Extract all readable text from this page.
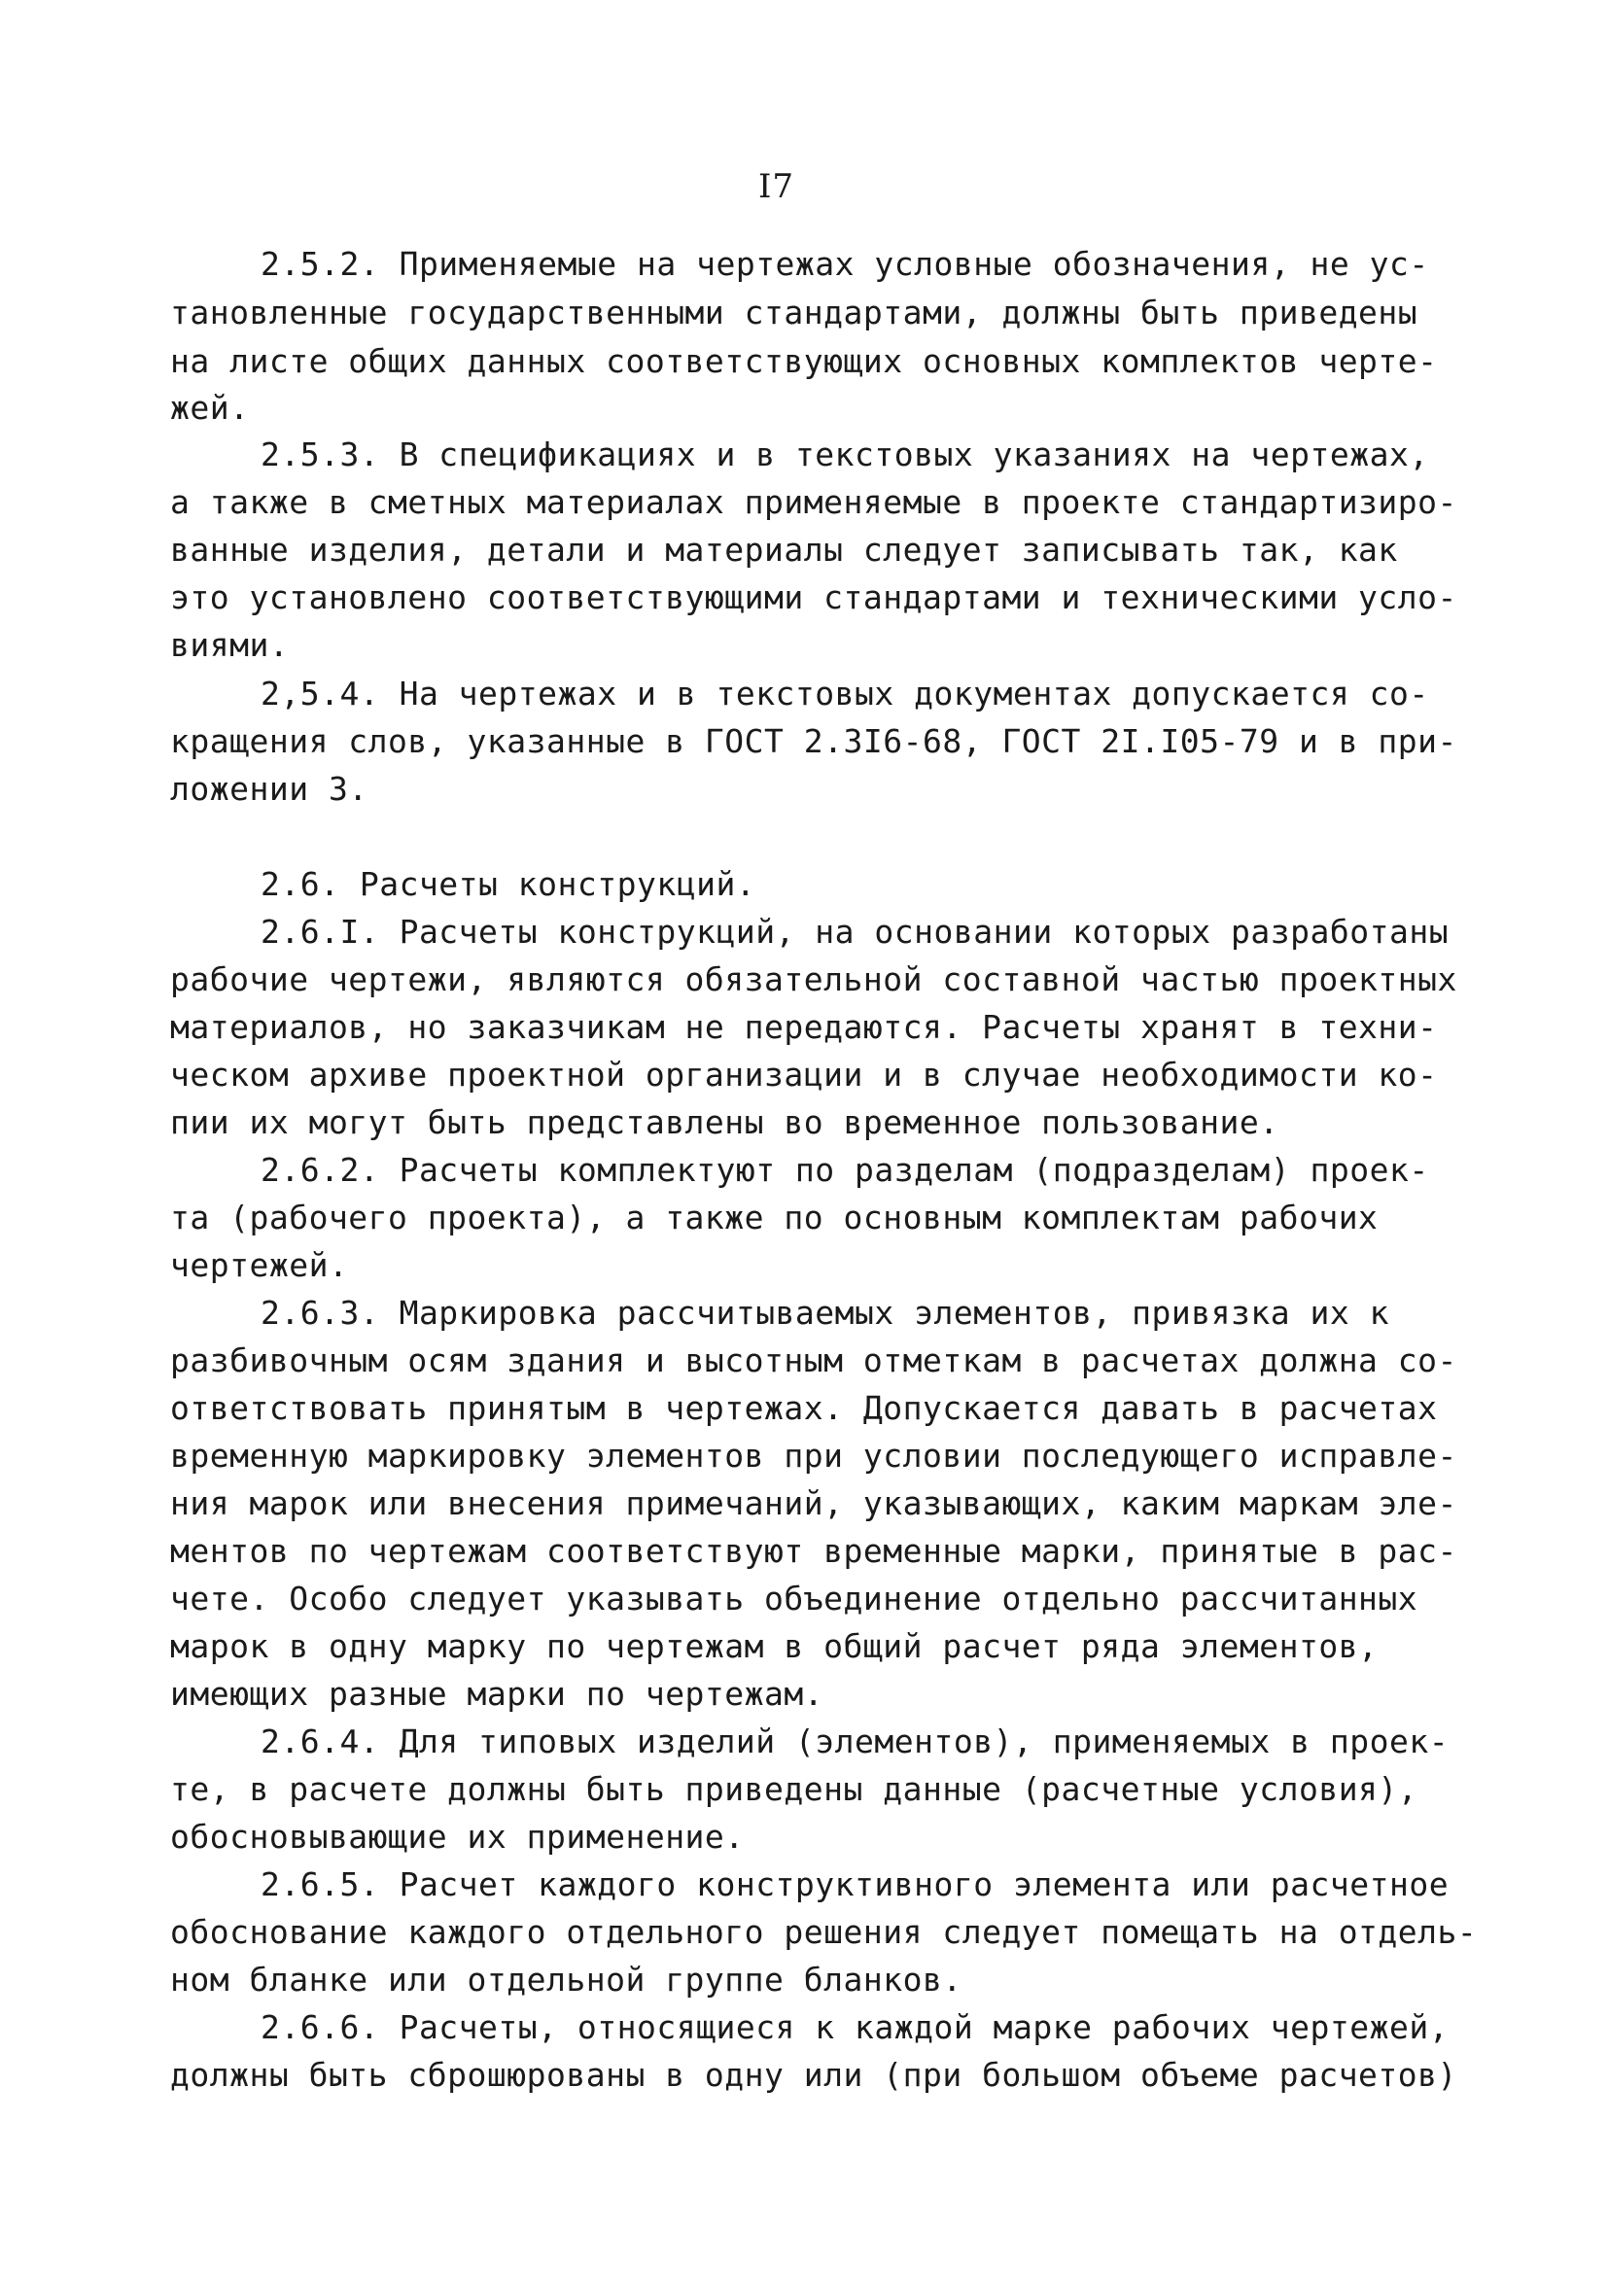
I7
2.5.2. Применяемые на чертежах условные обозначения, не ус-
тановленные государственными стандартами, должны быть приведены
на листе общих данных соответствующих основных комплектов черте-
жей.
2.5.3. В спецификациях и в текстовых указаниях на чертежах,
а также в сметных материалах применяемые в проекте стандартизиро-
ванные изделия, детали и материалы следует записывать так, как
это установлено соответствующими стандартами и техническими усло-
виями.
2,5.4. На чертежах и в текстовых документах допускается со-
кращения слов, указанные в ГОСТ 2.3I6-68, ГОСТ 2I.I05-79 и в при-
ложении 3.
2.6. Расчеты конструкций.
2.6.I. Расчеты конструкций, на основании которых разработаны
рабочие чертежи, являются обязательной составной частью проектных
материалов, но заказчикам не передаются. Расчеты хранят в техни-
ческом архиве проектной организации и в случае необходимости ко-
пии их могут быть представлены во временное пользование.
2.6.2. Расчеты комплектуют по разделам (подразделам) проек-
та (рабочего проекта), а также по основным комплектам рабочих
чертежей.
2.6.3. Маркировка рассчитываемых элементов, привязка их к
разбивочным осям здания и высотным отметкам в расчетах должна со-
ответствовать принятым в чертежах. Допускается давать в расчетах
временную маркировку элементов при условии последующего исправле-
ния марок или внесения примечаний, указывающих, каким маркам эле-
ментов по чертежам соответствуют временные марки, принятые в рас-
чете. Особо следует указывать объединение отдельно рассчитанных
марок в одну марку по чертежам в общий расчет ряда элементов,
имеющих разные марки по чертежам.
2.6.4. Для типовых изделий (элементов), применяемых в проек-
те, в расчете должны быть приведены данные (расчетные условия),
обосновывающие их применение.
2.6.5. Расчет каждого конструктивного элемента или расчетное
обоснование каждого отдельного решения следует помещать на отдель-
ном бланке или отдельной группе бланков.
2.6.6. Расчеты, относящиеся к каждой марке рабочих чертежей,
должны быть сброшюрованы в одну или (при большом объеме расчетов)
